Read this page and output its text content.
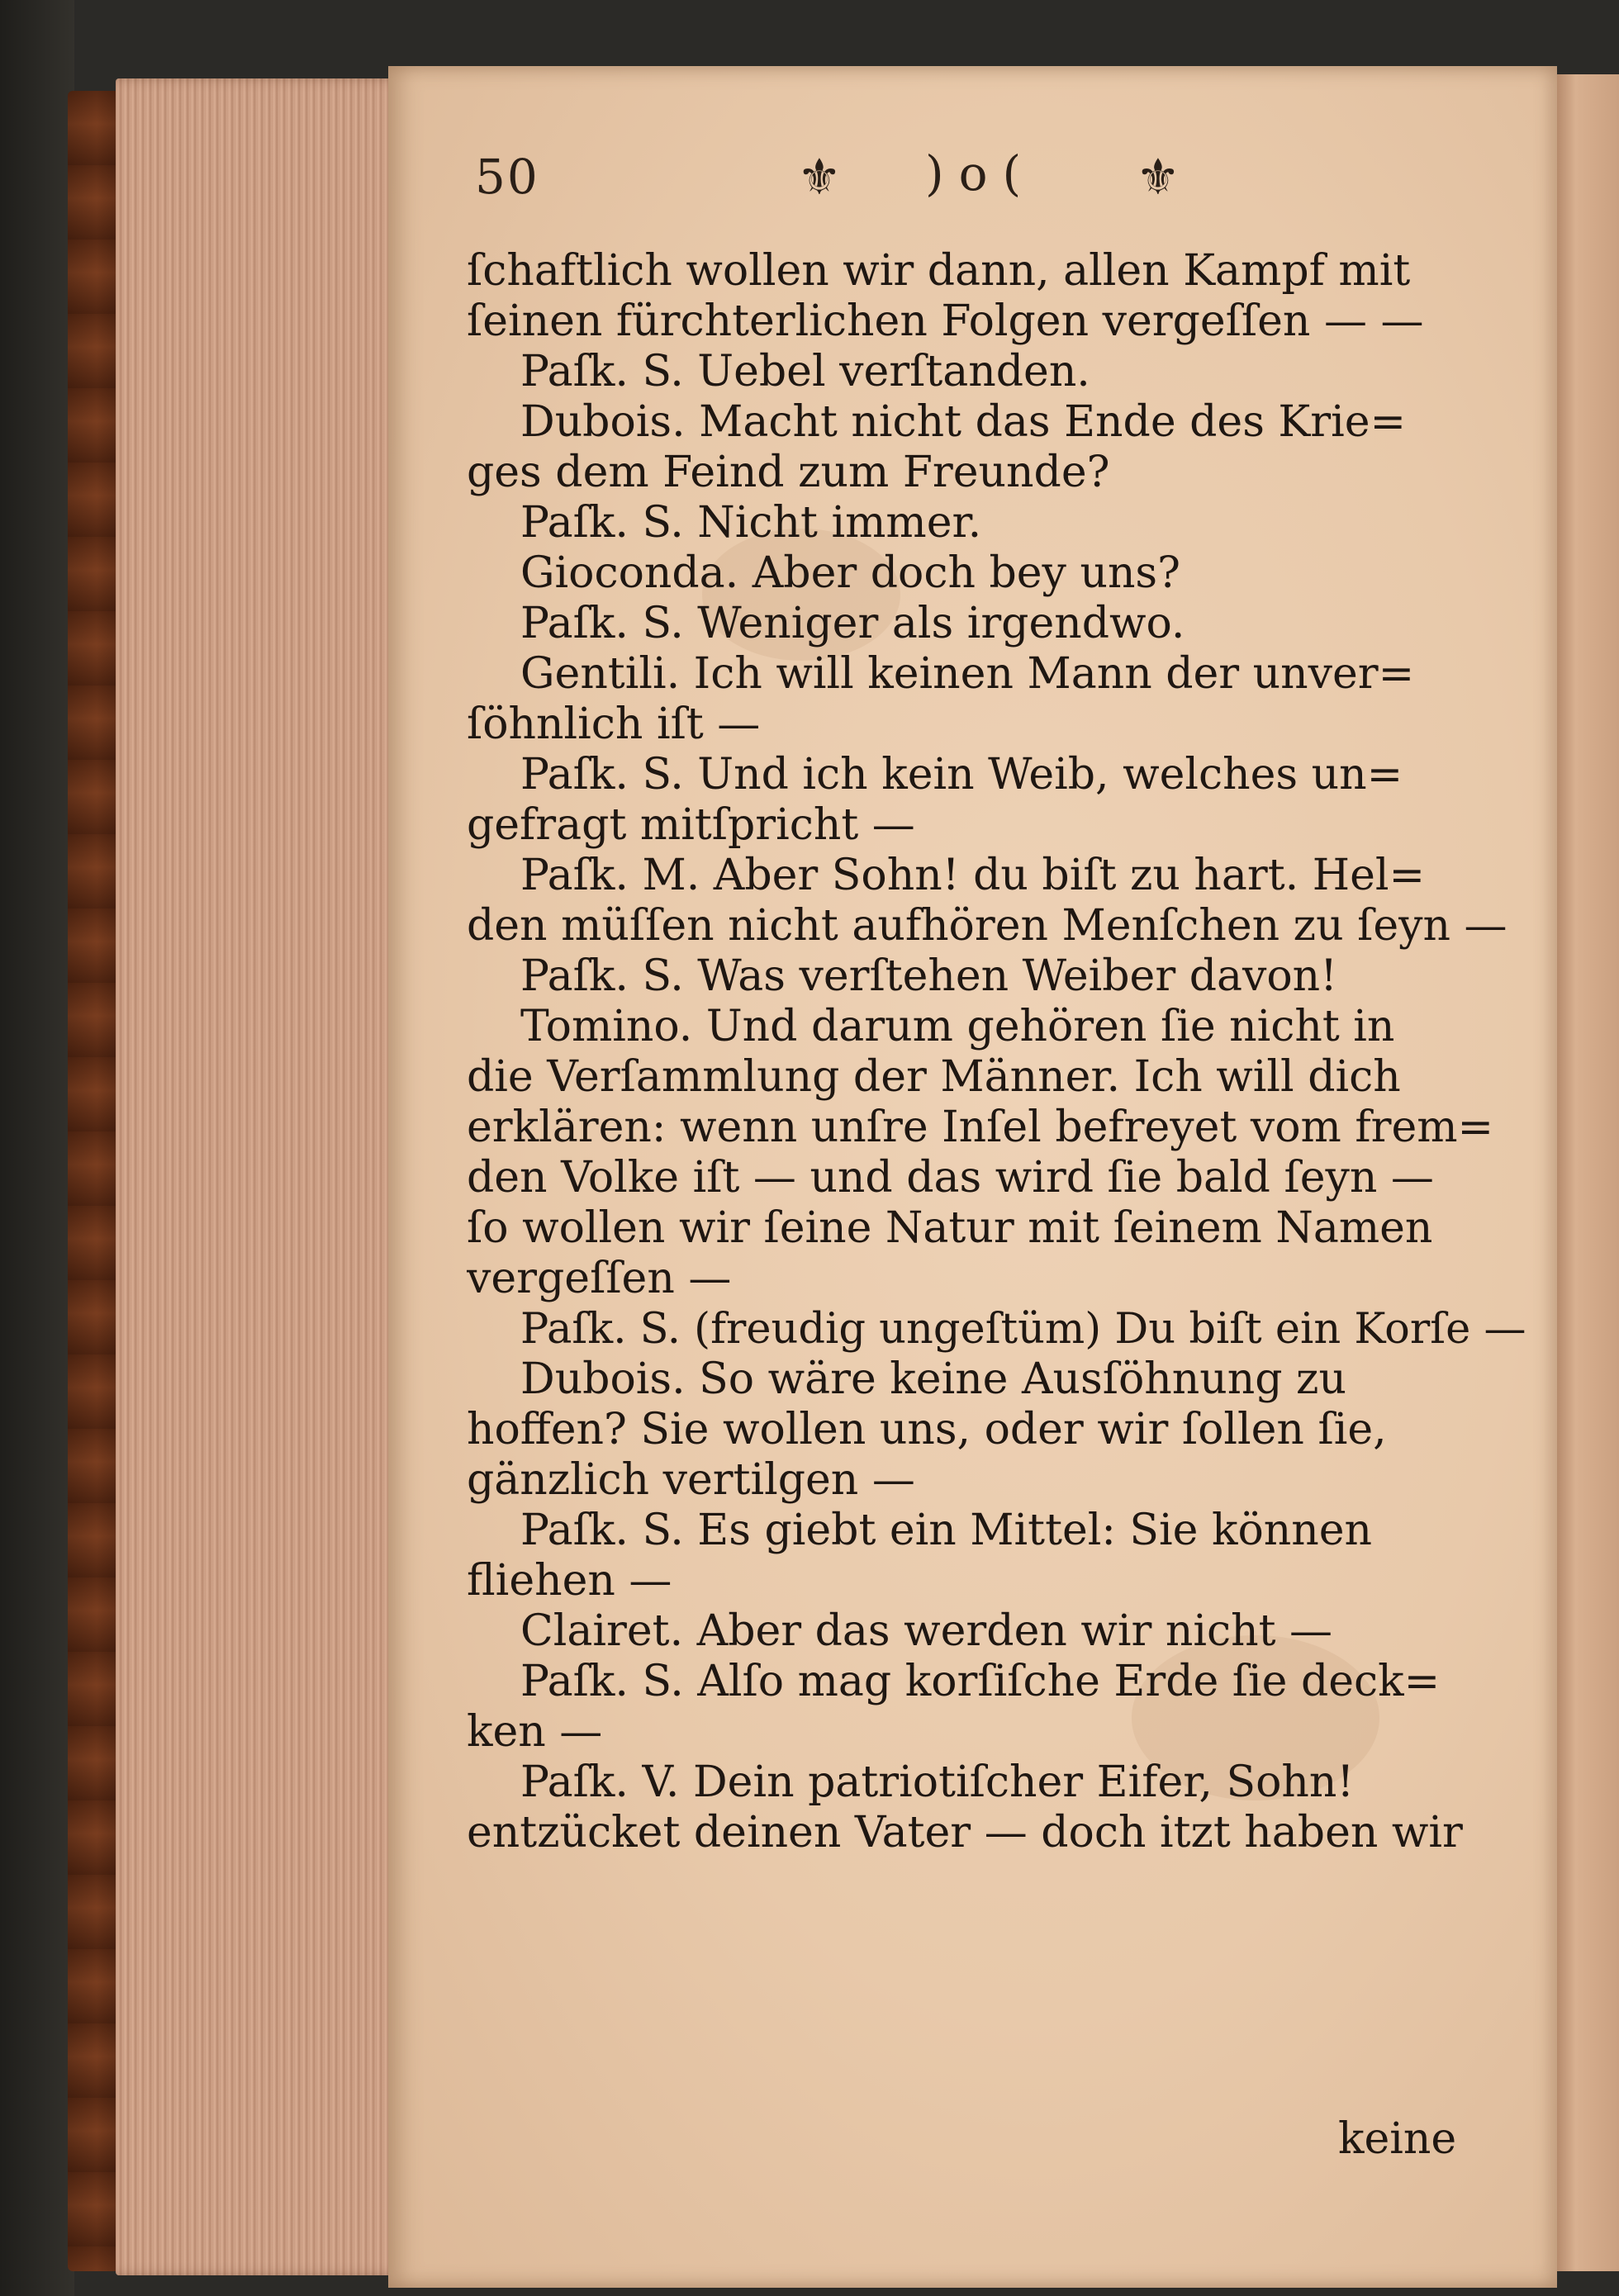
50	⚜ )o( ⚜
ſchaftlich wollen wir dann, allen Kampf mit
ſeinen fürchterlichen Folgen vergeſſen — —
Paſk. S. Uebel verſtanden.
Dubois. Macht nicht das Ende des Krie=
ges dem Feind zum Freunde?
Paſk. S. Nicht immer.
Gioconda. Aber doch bey uns?
Paſk. S. Weniger als irgendwo.
Gentili. Ich will keinen Mann der unver=
ſöhnlich iſt —
Paſk. S. Und ich kein Weib, welches un=
gefragt mitſpricht —
Paſk. M. Aber Sohn! du biſt zu hart. Hel=
den müſſen nicht aufhören Menſchen zu ſeyn —
Paſk. S. Was verſtehen Weiber davon!
Tomino. Und darum gehören ſie nicht in
die Verſammlung der Männer. Ich will dich
erklären: wenn unſre Inſel befreyet vom frem=
den Volke iſt — und das wird ſie bald ſeyn —
ſo wollen wir ſeine Natur mit ſeinem Namen
vergeſſen —
Paſk. S. (freudig ungeſtüm) Du biſt ein Korſe —
Dubois. So wäre keine Ausſöhnung zu
hoffen? Sie wollen uns, oder wir ſollen ſie,
gänzlich vertilgen —
Paſk. S. Es giebt ein Mittel: Sie können
fliehen —
Clairet. Aber das werden wir nicht —
Paſk. S. Alſo mag korſiſche Erde ſie deck=
ken —
Paſk. V. Dein patriotiſcher Eifer, Sohn!
entzücket deinen Vater — doch itzt haben wir
keine
